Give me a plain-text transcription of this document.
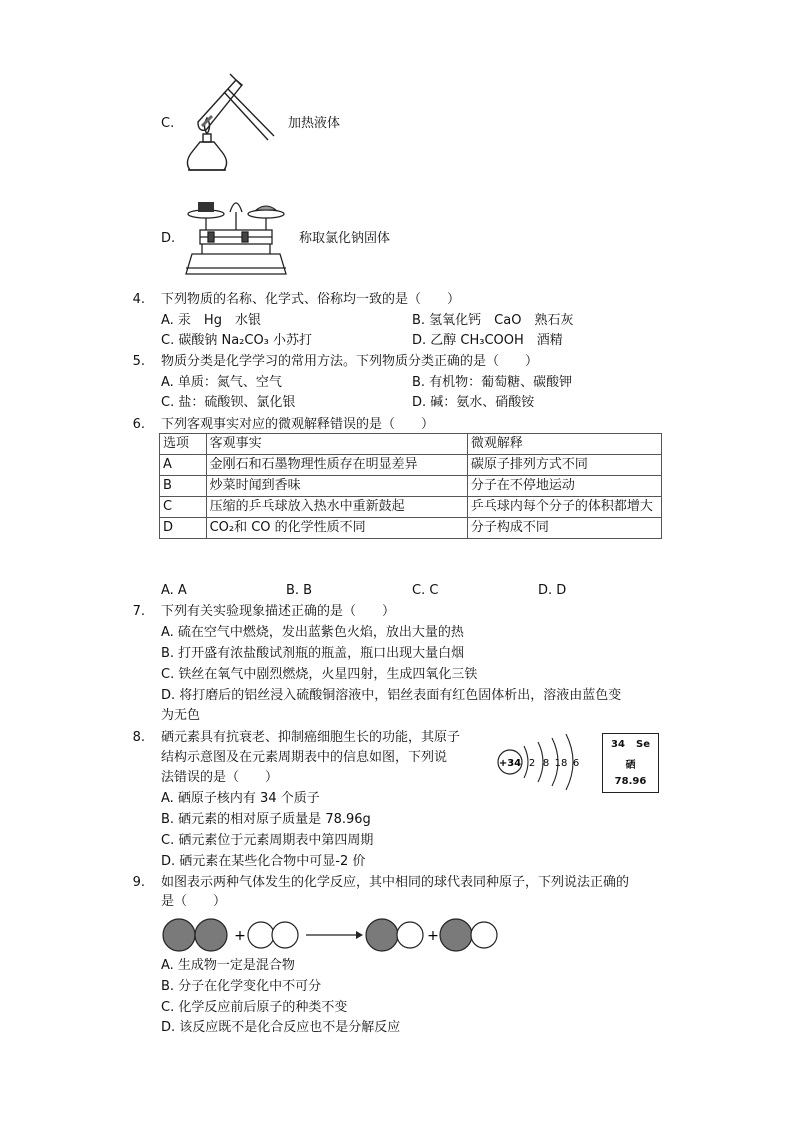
C.	加热液体
D.	称取氯化钠固体
4. 下列物质的名称、化学式、俗称均一致的是（　　）
A. 汞　Hg　水银	B. 氢氧化钙　CaO　熟石灰
C. 碳酸钠 Na₂CO₃ 小苏打	D. 乙醇 CH₃COOH　酒精
5. 物质分类是化学学习的常用方法。下列物质分类正确的是（　　）
A. 单质：氮气、空气	B. 有机物：葡萄糖、碳酸钾
C. 盐：硫酸钡、氯化银	D. 碱：氨水、硝酸铵
6. 下列客观事实对应的微观解释错误的是（　　）
选项	客观事实	微观解释
A	金刚石和石墨物理性质存在明显差异	碳原子排列方式不同
B	炒菜时闻到香味	分子在不停地运动
C	压缩的乒乓球放入热水中重新鼓起	乒乓球内每个分子的体积都增大
D	CO₂和 CO 的化学性质不同	分子构成不同
A. A	B. B	C. C	D. D
7. 下列有关实验现象描述正确的是（　　）
A. 硫在空气中燃烧，发出蓝紫色火焰，放出大量的热
B. 打开盛有浓盐酸试剂瓶的瓶盖，瓶口出现大量白烟
C. 铁丝在氧气中剧烈燃烧，火星四射，生成四氧化三铁
D. 将打磨后的铝丝浸入硫酸铜溶液中，铝丝表面有红色固体析出，溶液由蓝色变
为无色
8. 硒元素具有抗衰老、抑制癌细胞生长的功能，其原子
结构示意图及在元素周期表中的信息如图，下列说
法错误的是（　　）
A. 硒原子核内有 34 个质子
B. 硒元素的相对原子质量是 78.96g
C. 硒元素位于元素周期表中第四周期
D. 硒元素在某些化合物中可显-2 价
+34 2 8 18 6
34 Se
硒
78.96
9. 如图表示两种气体发生的化学反应，其中相同的球代表同种原子，下列说法正确的
是（　　）
+	+
A. 生成物一定是混合物
B. 分子在化学变化中不可分
C. 化学反应前后原子的种类不变
D. 该反应既不是化合反应也不是分解反应
